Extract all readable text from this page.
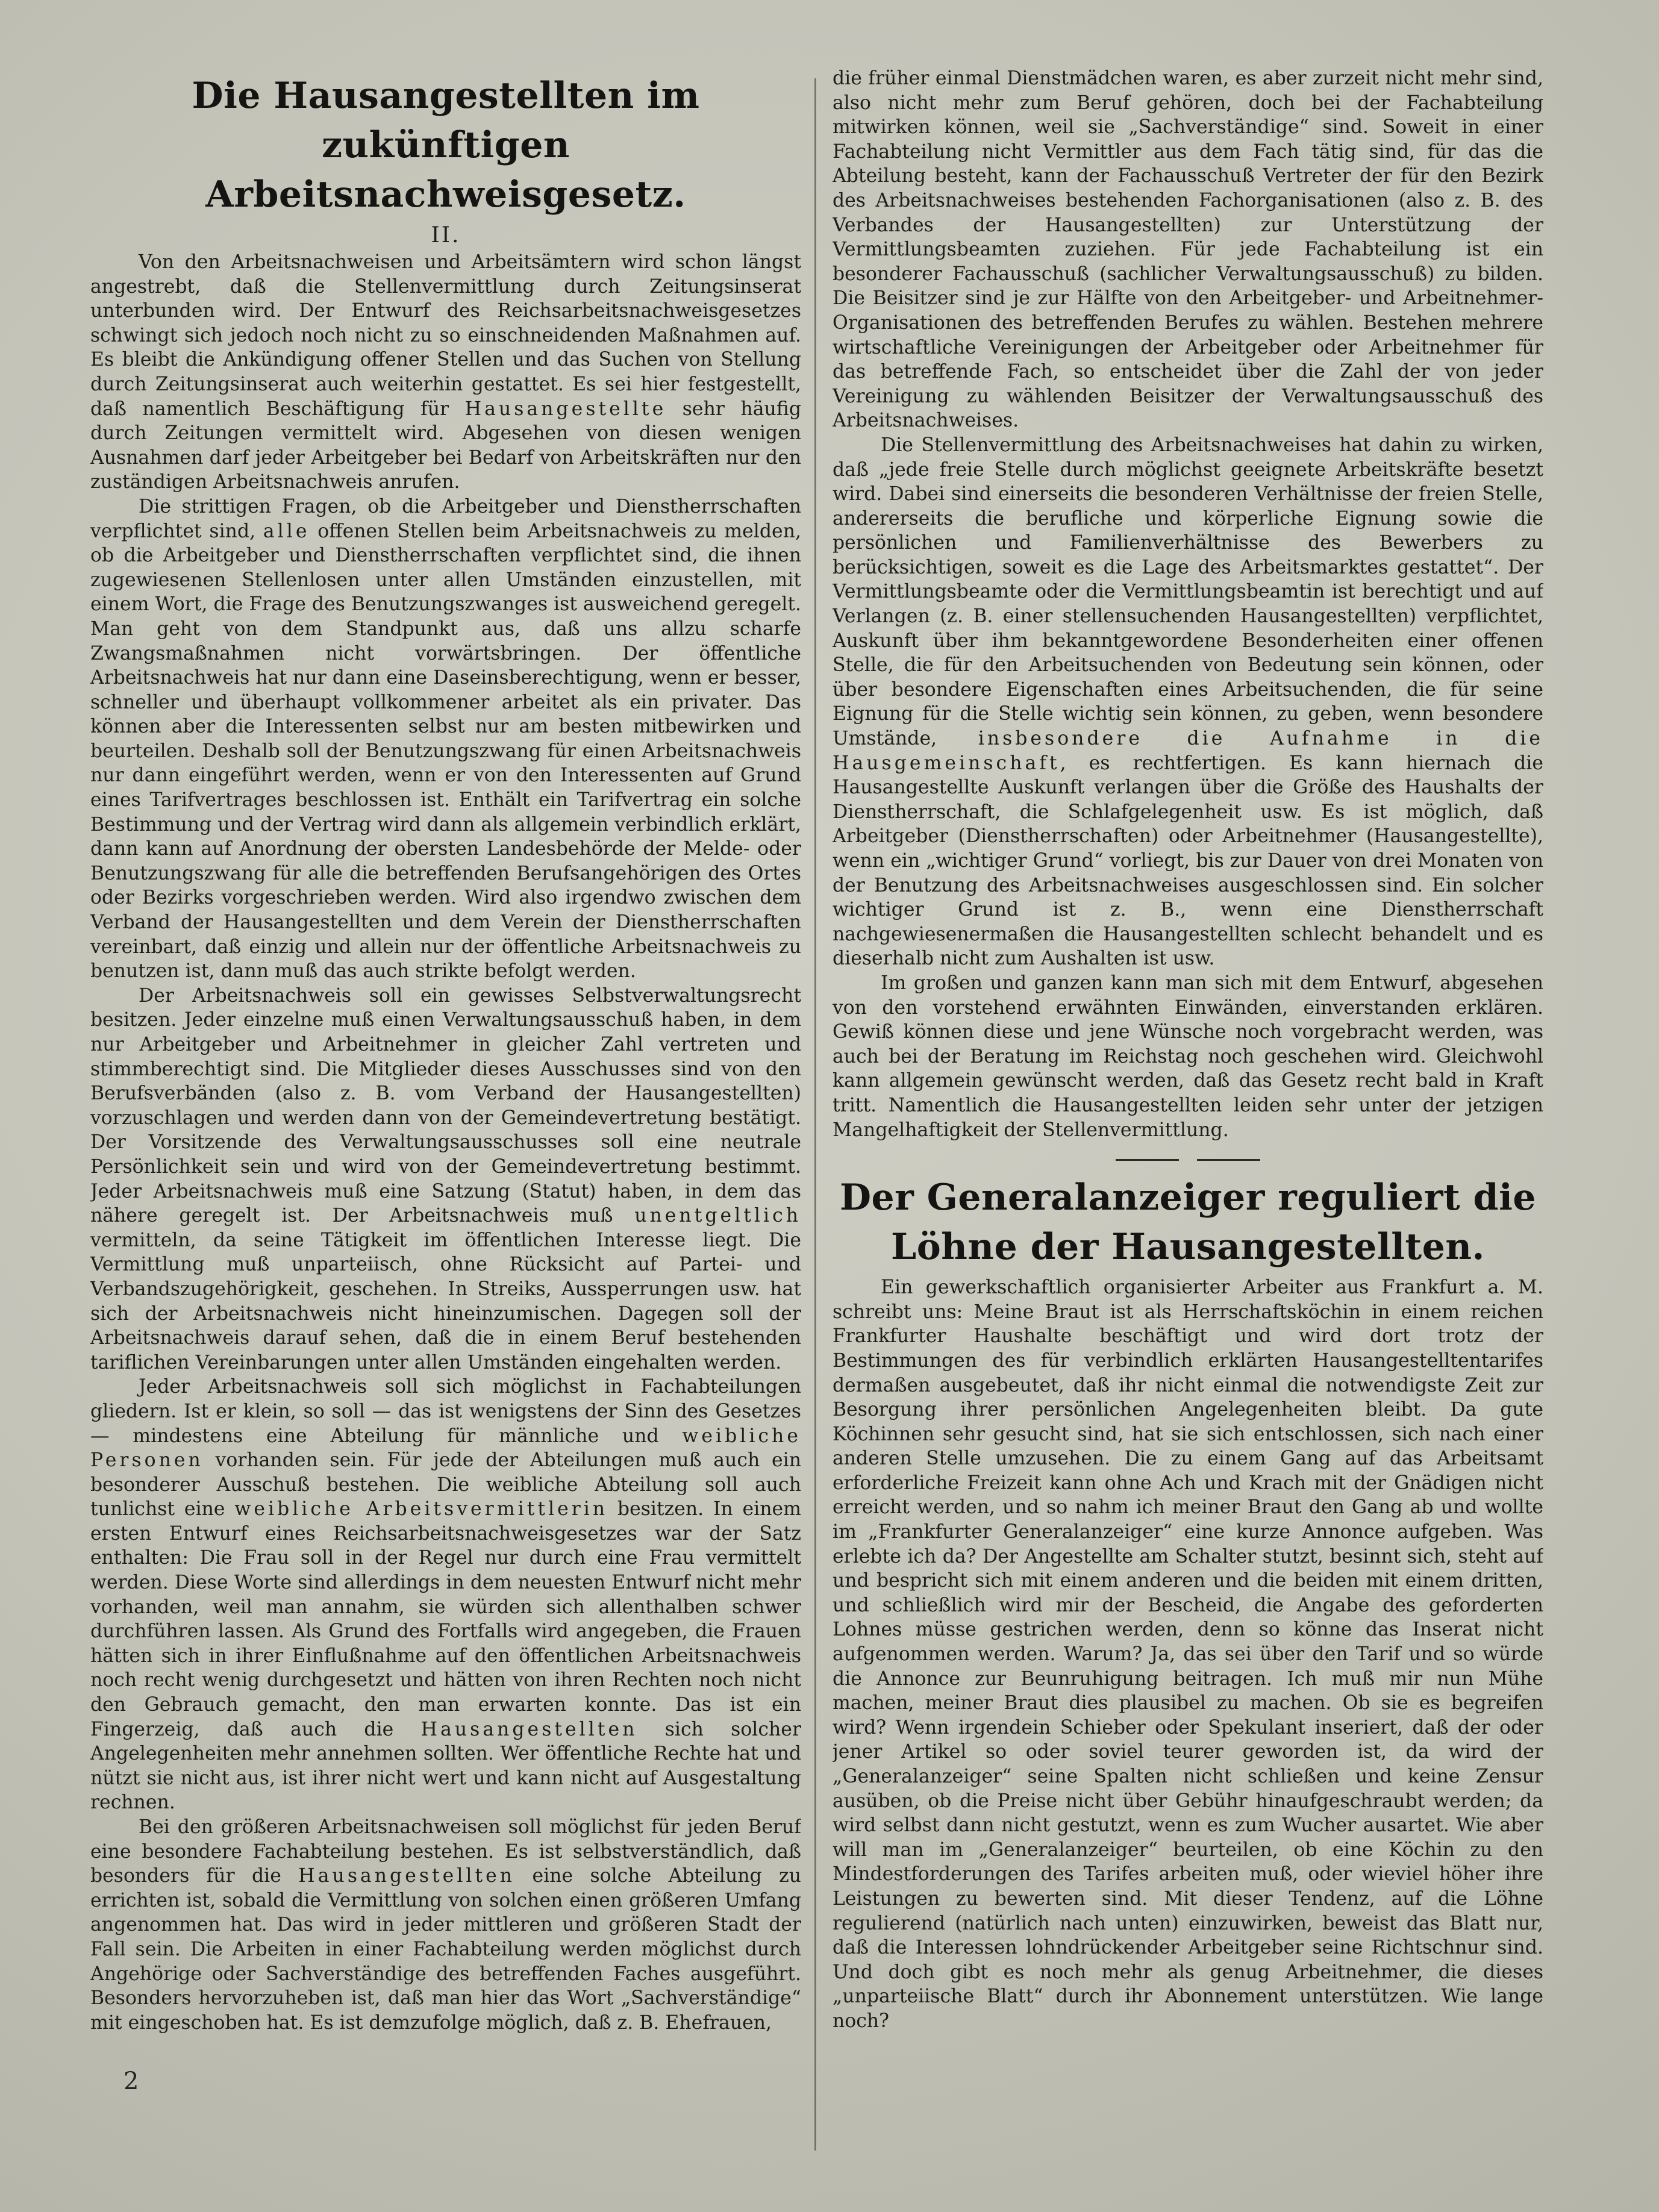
Die Hausangestellten im zukünftigen Arbeitsnachweisgesetz.
II.

Von den Arbeitsnachweisen und Arbeitsämtern wird schon längst angestrebt, daß die Stellenvermittlung durch Zeitungsinserat unterbunden wird. Der Entwurf des Reichsarbeitsnachweisgesetzes schwingt sich jedoch noch nicht zu so einschneidenden Maßnahmen auf. Es bleibt die Ankündigung offener Stellen und das Suchen von Stellung durch Zeitungsinserat auch weiterhin gestattet. Es sei hier festgestellt, daß namentlich Beschäftigung für Hausangestellte sehr häufig durch Zeitungen vermittelt wird. Abgesehen von diesen wenigen Ausnahmen darf jeder Arbeitgeber bei Bedarf von Arbeitskräften nur den zuständigen Arbeitsnachweis anrufen.

Die strittigen Fragen, ob die Arbeitgeber und Dienstherrschaften verpflichtet sind, alle offenen Stellen beim Arbeitsnachweis zu melden, ob die Arbeitgeber und Dienstherrschaften verpflichtet sind, die ihnen zugewiesenen Stellenlosen unter allen Umständen einzustellen, mit einem Wort, die Frage des Benutzungszwanges ist ausweichend geregelt. Man geht von dem Standpunkt aus, daß uns allzu scharfe Zwangsmaßnahmen nicht vorwärtsbringen. Der öffentliche Arbeitsnachweis hat nur dann eine Daseinsberechtigung, wenn er besser, schneller und überhaupt vollkommener arbeitet als ein privater. Das können aber die Interessenten selbst nur am besten mitbewirken und beurteilen. Deshalb soll der Benutzungszwang für einen Arbeitsnachweis nur dann eingeführt werden, wenn er von den Interessenten auf Grund eines Tarifvertrages beschlossen ist. Enthält ein Tarifvertrag ein solche Bestimmung und der Vertrag wird dann als allgemein verbindlich erklärt, dann kann auf Anordnung der obersten Landesbehörde der Melde- oder Benutzungszwang für alle die betreffenden Berufsangehörigen des Ortes oder Bezirks vorgeschrieben werden. Wird also irgendwo zwischen dem Verband der Hausangestellten und dem Verein der Dienstherrschaften vereinbart, daß einzig und allein nur der öffentliche Arbeitsnachweis zu benutzen ist, dann muß das auch strikte befolgt werden.

Der Arbeitsnachweis soll ein gewisses Selbstverwaltungsrecht besitzen. Jeder einzelne muß einen Verwaltungsausschuß haben, in dem nur Arbeitgeber und Arbeitnehmer in gleicher Zahl vertreten und stimmberechtigt sind. Die Mitglieder dieses Ausschusses sind von den Berufsverbänden (also z. B. vom Verband der Hausangestellten) vorzuschlagen und werden dann von der Gemeindevertretung bestätigt. Der Vorsitzende des Verwaltungsausschusses soll eine neutrale Persönlichkeit sein und wird von der Gemeindevertretung bestimmt. Jeder Arbeitsnachweis muß eine Satzung (Statut) haben, in dem das nähere geregelt ist. Der Arbeitsnachweis muß unentgeltlich vermitteln, da seine Tätigkeit im öffentlichen Interesse liegt. Die Vermittlung muß unparteiisch, ohne Rücksicht auf Partei- und Verbandszugehörigkeit, geschehen. In Streiks, Aussperrungen usw. hat sich der Arbeitsnachweis nicht hineinzumischen. Dagegen soll der Arbeitsnachweis darauf sehen, daß die in einem Beruf bestehenden tariflichen Vereinbarungen unter allen Umständen eingehalten werden.

Jeder Arbeitsnachweis soll sich möglichst in Fachabteilungen gliedern. Ist er klein, so soll — das ist wenigstens der Sinn des Gesetzes — mindestens eine Abteilung für männliche und weibliche Personen vorhanden sein. Für jede der Abteilungen muß auch ein besonderer Ausschuß bestehen. Die weibliche Abteilung soll auch tunlichst eine weibliche Arbeitsvermittlerin besitzen. In einem ersten Entwurf eines Reichsarbeitsnachweisgesetzes war der Satz enthalten: Die Frau soll in der Regel nur durch eine Frau vermittelt werden. Diese Worte sind allerdings in dem neuesten Entwurf nicht mehr vorhanden, weil man annahm, sie würden sich allenthalben schwer durchführen lassen. Als Grund des Fortfalls wird angegeben, die Frauen hätten sich in ihrer Einflußnahme auf den öffentlichen Arbeitsnachweis noch recht wenig durchgesetzt und hätten von ihren Rechten noch nicht den Gebrauch gemacht, den man erwarten konnte. Das ist ein Fingerzeig, daß auch die Hausangestellten sich solcher Angelegenheiten mehr annehmen sollten. Wer öffentliche Rechte hat und nützt sie nicht aus, ist ihrer nicht wert und kann nicht auf Ausgestaltung rechnen.

Bei den größeren Arbeitsnachweisen soll möglichst für jeden Beruf eine besondere Fachabteilung bestehen. Es ist selbstverständlich, daß besonders für die Hausangestellten eine solche Abteilung zu errichten ist, sobald die Vermittlung von solchen einen größeren Umfang angenommen hat. Das wird in jeder mittleren und größeren Stadt der Fall sein. Die Arbeiten in einer Fachabteilung werden möglichst durch Angehörige oder Sachverständige des betreffenden Faches ausgeführt. Besonders hervorzuheben ist, daß man hier das Wort „Sachverständige“ mit eingeschoben hat. Es ist demzufolge möglich, daß z. B. Ehefrauen,

die früher einmal Dienstmädchen waren, es aber zurzeit nicht mehr sind, also nicht mehr zum Beruf gehören, doch bei der Fachabteilung mitwirken können, weil sie „Sachverständige“ sind. Soweit in einer Fachabteilung nicht Vermittler aus dem Fach tätig sind, für das die Abteilung besteht, kann der Fachausschuß Vertreter der für den Bezirk des Arbeitsnachweises bestehenden Fachorganisationen (also z. B. des Verbandes der Hausangestellten) zur Unterstützung der Vermittlungsbeamten zuziehen. Für jede Fachabteilung ist ein besonderer Fachausschuß (sachlicher Verwaltungsausschuß) zu bilden. Die Beisitzer sind je zur Hälfte von den Arbeitgeber- und Arbeitnehmer-Organisationen des betreffenden Berufes zu wählen. Bestehen mehrere wirtschaftliche Vereinigungen der Arbeitgeber oder Arbeitnehmer für das betreffende Fach, so entscheidet über die Zahl der von jeder Vereinigung zu wählenden Beisitzer der Verwaltungsausschuß des Arbeitsnachweises.

Die Stellenvermittlung des Arbeitsnachweises hat dahin zu wirken, daß „jede freie Stelle durch möglichst geeignete Arbeitskräfte besetzt wird. Dabei sind einerseits die besonderen Verhältnisse der freien Stelle, andererseits die berufliche und körperliche Eignung sowie die persönlichen und Familienverhältnisse des Bewerbers zu berücksichtigen, soweit es die Lage des Arbeitsmarktes gestattet“. Der Vermittlungsbeamte oder die Vermittlungsbeamtin ist berechtigt und auf Verlangen (z. B. einer stellensuchenden Hausangestellten) verpflichtet, Auskunft über ihm bekanntgewordene Besonderheiten einer offenen Stelle, die für den Arbeitsuchenden von Bedeutung sein können, oder über besondere Eigenschaften eines Arbeitsuchenden, die für seine Eignung für die Stelle wichtig sein können, zu geben, wenn besondere Umstände, insbesondere die Aufnahme in die Hausgemeinschaft, es rechtfertigen. Es kann hiernach die Hausangestellte Auskunft verlangen über die Größe des Haushalts der Dienstherrschaft, die Schlafgelegenheit usw. Es ist möglich, daß Arbeitgeber (Dienstherrschaften) oder Arbeitnehmer (Hausangestellte), wenn ein „wichtiger Grund“ vorliegt, bis zur Dauer von drei Monaten von der Benutzung des Arbeitsnachweises ausgeschlossen sind. Ein solcher wichtiger Grund ist z. B., wenn eine Dienstherrschaft nachgewiesenermaßen die Hausangestellten schlecht behandelt und es dieserhalb nicht zum Aushalten ist usw.

Im großen und ganzen kann man sich mit dem Entwurf, abgesehen von den vorstehend erwähnten Einwänden, einverstanden erklären. Gewiß können diese und jene Wünsche noch vorgebracht werden, was auch bei der Beratung im Reichstag noch geschehen wird. Gleichwohl kann allgemein gewünscht werden, daß das Gesetz recht bald in Kraft tritt. Namentlich die Hausangestellten leiden sehr unter der jetzigen Mangelhaftigkeit der Stellenvermittlung.

Der Generalanzeiger reguliert die Löhne der Hausangestellten.

Ein gewerkschaftlich organisierter Arbeiter aus Frankfurt a. M. schreibt uns: Meine Braut ist als Herrschaftsköchin in einem reichen Frankfurter Haushalte beschäftigt und wird dort trotz der Bestimmungen des für verbindlich erklärten Hausangestelltentarifes dermaßen ausgebeutet, daß ihr nicht einmal die notwendigste Zeit zur Besorgung ihrer persönlichen Angelegenheiten bleibt. Da gute Köchinnen sehr gesucht sind, hat sie sich entschlossen, sich nach einer anderen Stelle umzusehen. Die zu einem Gang auf das Arbeitsamt erforderliche Freizeit kann ohne Ach und Krach mit der Gnädigen nicht erreicht werden, und so nahm ich meiner Braut den Gang ab und wollte im „Frankfurter Generalanzeiger“ eine kurze Annonce aufgeben. Was erlebte ich da? Der Angestellte am Schalter stutzt, besinnt sich, steht auf und bespricht sich mit einem anderen und die beiden mit einem dritten, und schließlich wird mir der Bescheid, die Angabe des geforderten Lohnes müsse gestrichen werden, denn so könne das Inserat nicht aufgenommen werden. Warum? Ja, das sei über den Tarif und so würde die Annonce zur Beunruhigung beitragen. Ich muß mir nun Mühe machen, meiner Braut dies plausibel zu machen. Ob sie es begreifen wird? Wenn irgendein Schieber oder Spekulant inseriert, daß der oder jener Artikel so oder soviel teurer geworden ist, da wird der „Generalanzeiger“ seine Spalten nicht schließen und keine Zensur ausüben, ob die Preise nicht über Gebühr hinaufgeschraubt werden; da wird selbst dann nicht gestutzt, wenn es zum Wucher ausartet. Wie aber will man im „Generalanzeiger“ beurteilen, ob eine Köchin zu den Mindestforderungen des Tarifes arbeiten muß, oder wieviel höher ihre Leistungen zu bewerten sind. Mit dieser Tendenz, auf die Löhne regulierend (natürlich nach unten) einzuwirken, beweist das Blatt nur, daß die Interessen lohndrückender Arbeitgeber seine Richtschnur sind. Und doch gibt es noch mehr als genug Arbeitnehmer, die dieses „unparteiische Blatt“ durch ihr Abonnement unterstützen. Wie lange noch?

2
